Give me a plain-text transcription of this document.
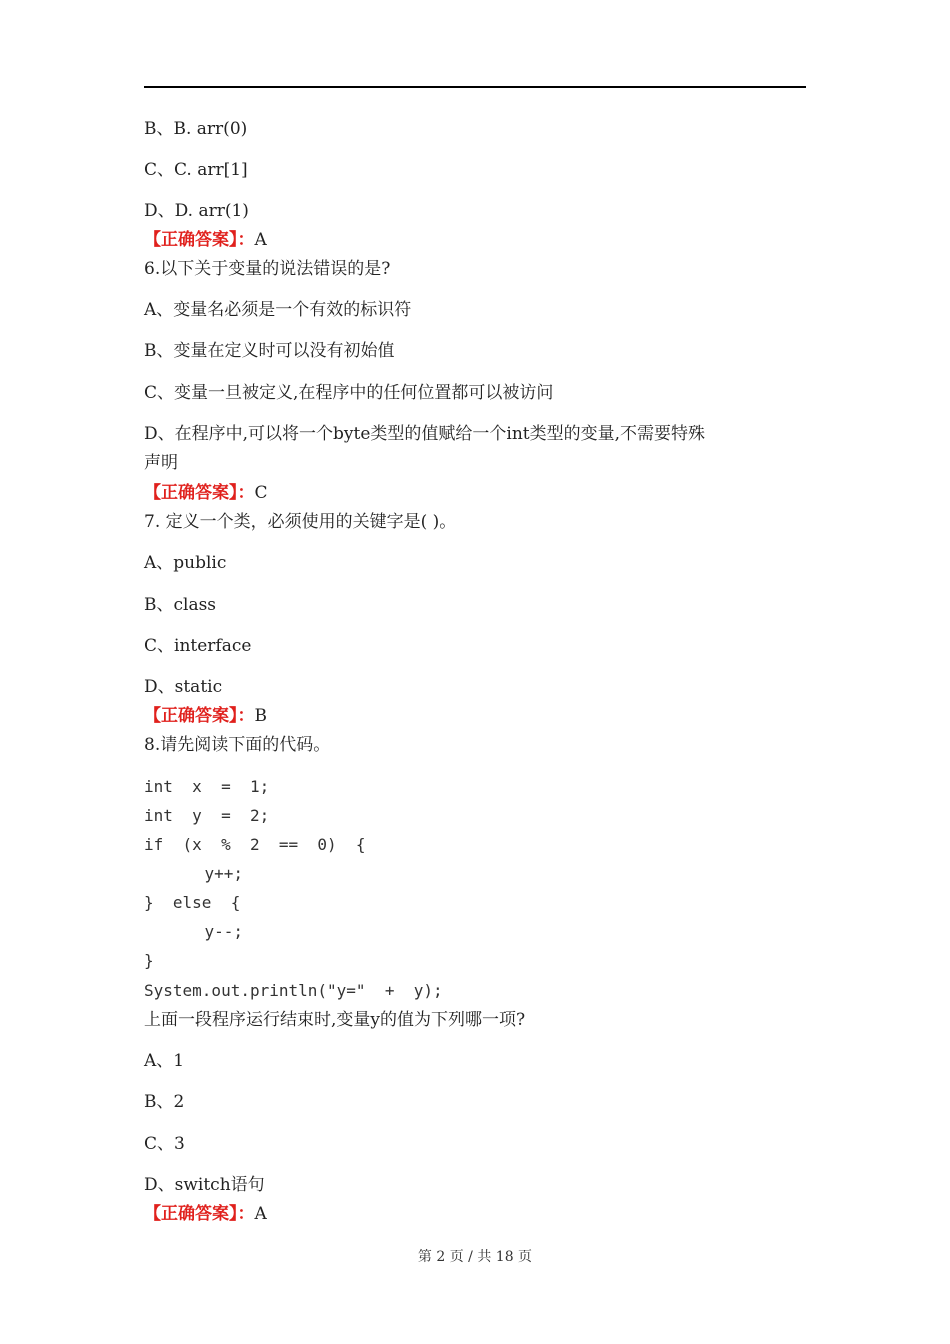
B、B. arr(0)
C、C. arr[1]
D、D. arr(1)
【正确答案】：A
6.以下关于变量的说法错误的是?
A、变量名必须是一个有效的标识符
B、变量在定义时可以没有初始值
C、变量一旦被定义,在程序中的任何位置都可以被访问
D、在程序中,可以将一个byte类型的值赋给一个int类型的变量,不需要特殊
声明
【正确答案】：C
7. 定义一个类，必须使用的关键字是( )。
A、public
B、class
C、interface
D、static
【正确答案】：B
8.请先阅读下面的代码。
int  x  =  1;
int  y  =  2;
if  (x  %  2  ==  0)  {
y++;
}  else  {
y--;
}
System.out.println("y="  +  y);
上面一段程序运行结束时,变量y的值为下列哪一项?
A、1
B、2
C、3
D、switch语句
【正确答案】：A
第 2 页 / 共 18 页
